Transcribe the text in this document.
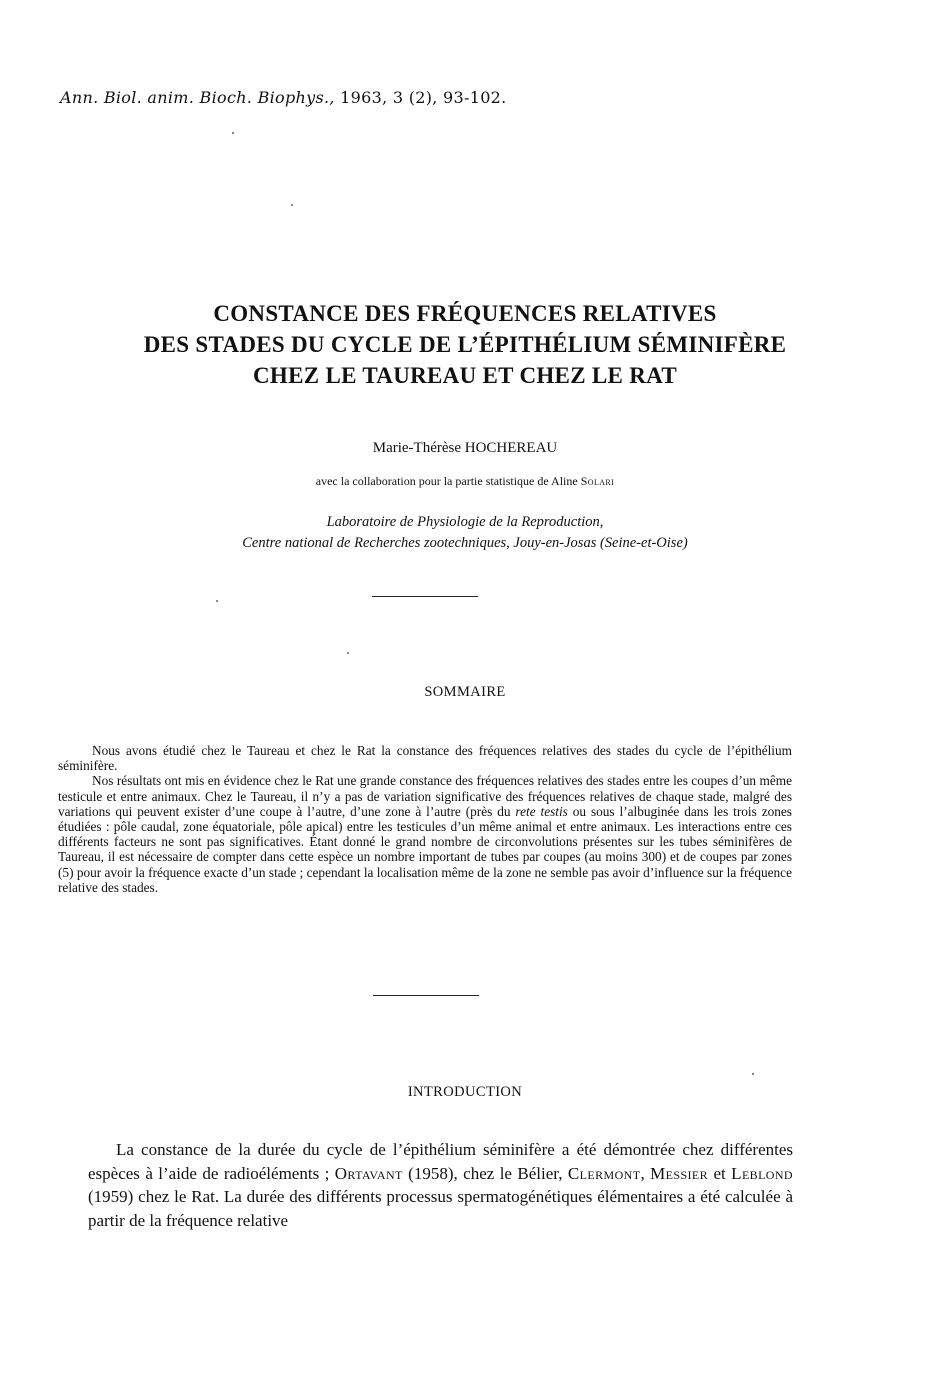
Ann. Biol. anim. Bioch. Biophys., 1963, 3 (2), 93-102.
CONSTANCE DES FRÉQUENCES RELATIVES
DES STADES DU CYCLE DE L’ÉPITHÉLIUM SÉMINIFÈRE
CHEZ LE TAUREAU ET CHEZ LE RAT
Marie-Thérèse HOCHEREAU
avec la collaboration pour la partie statistique de Aline Solari
Laboratoire de Physiologie de la Reproduction,
Centre national de Recherches zootechniques, Jouy-en-Josas (Seine-et-Oise)
SOMMAIRE

Nous avons étudié chez le Taureau et chez le Rat la constance des fréquences relatives des stades du cycle de l’épithélium séminifère.

Nos résultats ont mis en évidence chez le Rat une grande constance des fréquences relatives des stades entre les coupes d’un même testicule et entre animaux. Chez le Taureau, il n’y a pas de variation significative des fréquences relatives de chaque stade, malgré des variations qui peuvent exister d’une coupe à l’autre, d’une zone à l’autre (près du rete testis ou sous l’albuginée dans les trois zones étudiées : pôle caudal, zone équatoriale, pôle apical) entre les testicules d’un même animal et entre animaux. Les interactions entre ces différents facteurs ne sont pas significatives. Étant donné le grand nombre de circonvolutions présentes sur les tubes séminifères de Taureau, il est nécessaire de compter dans cette espèce un nombre important de tubes par coupes (au moins 300) et de coupes par zones (5) pour avoir la fréquence exacte d’un stade ; cependant la localisation même de la zone ne semble pas avoir d’influence sur la fréquence relative des stades.

INTRODUCTION

La constance de la durée du cycle de l’épithélium séminifère a été démontrée chez différentes espèces à l’aide de radioéléments ; Ortavant (1958), chez le Bélier, Clermont, Messier et Leblond (1959) chez le Rat. La durée des différents processus spermatogénétiques élémentaires a été calculée à partir de la fréquence relative
